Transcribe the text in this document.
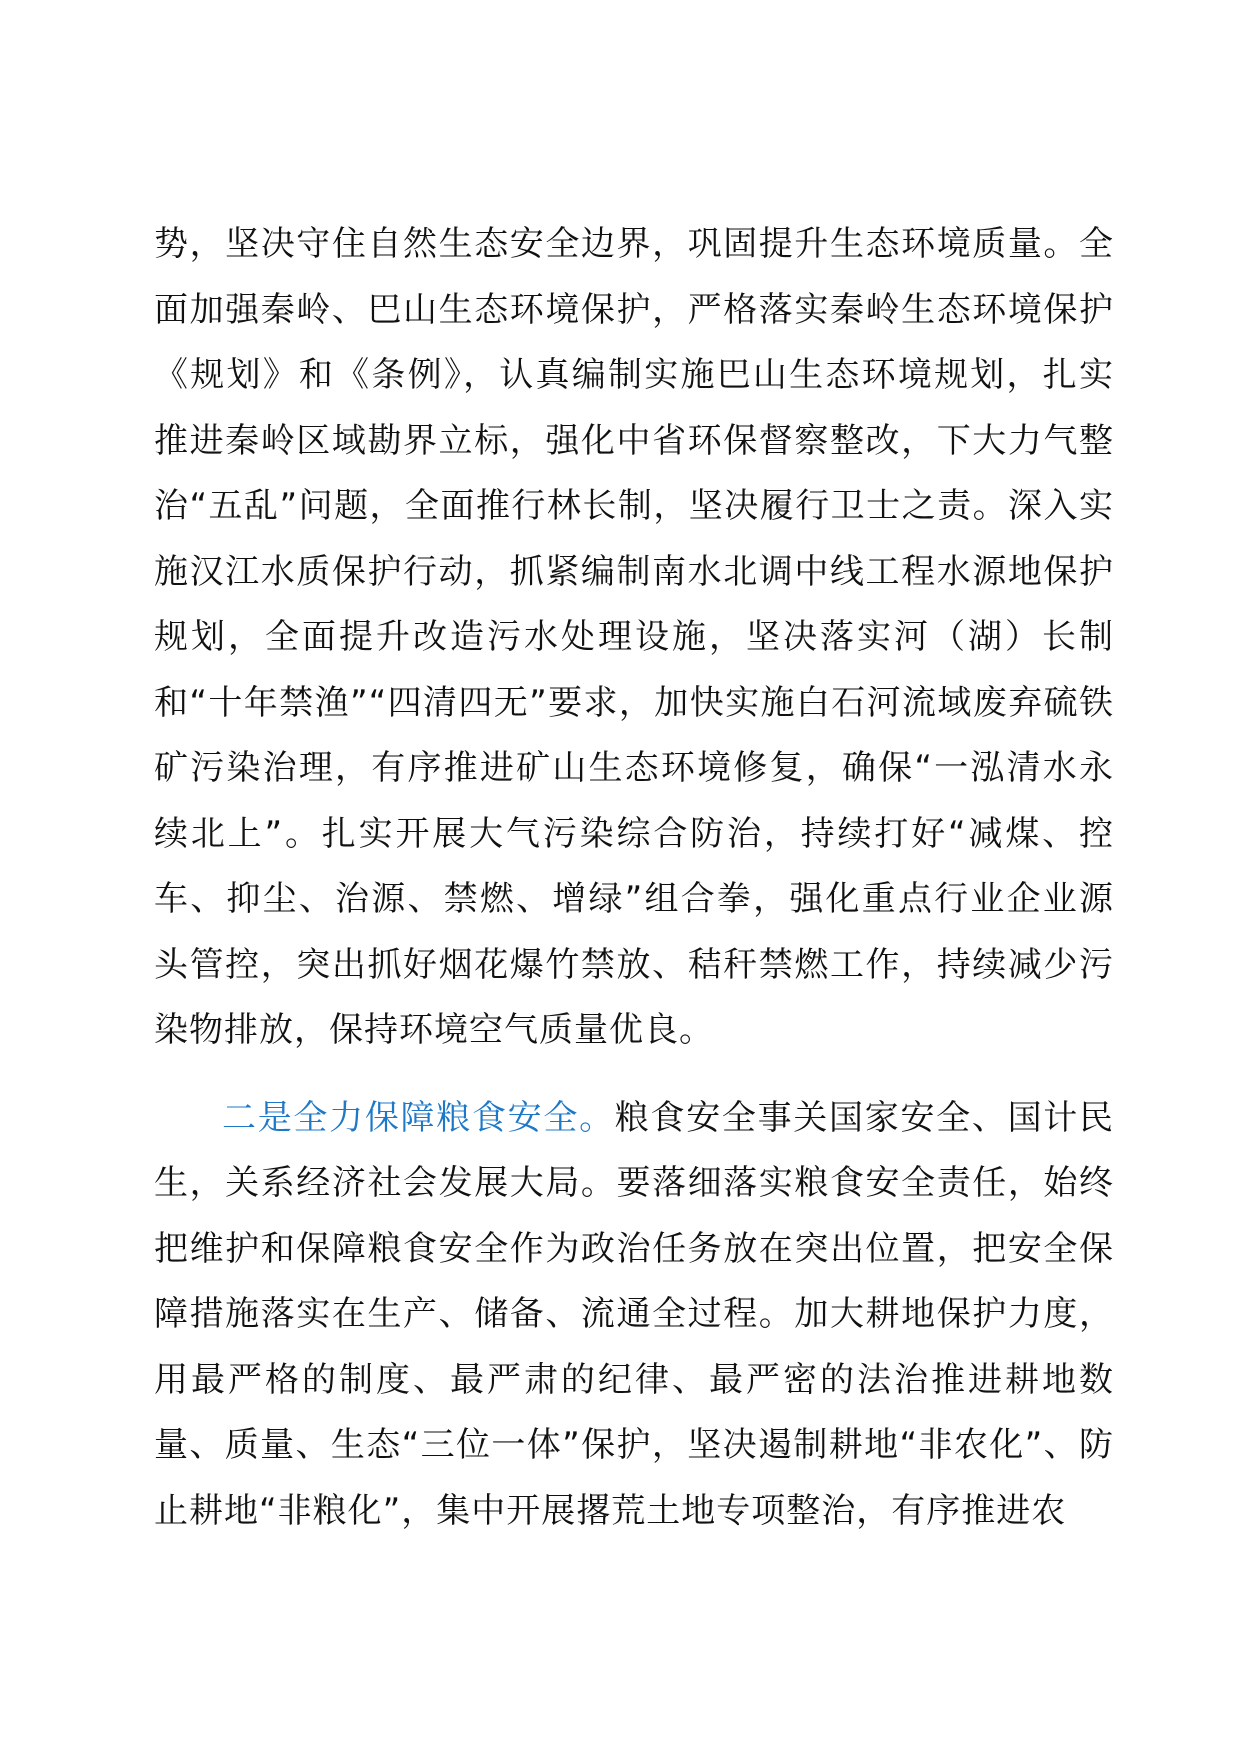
势，坚决守住自然生态安全边界，巩固提升生态环境质量。全面加强秦岭、巴山生态环境保护，严格落实秦岭生态环境保护《规划》和《条例》，认真编制实施巴山生态环境规划，扎实推进秦岭区域勘界立标，强化中省环保督察整改，下大力气整治“五乱”问题，全面推行林长制，坚决履行卫士之责。深入实施汉江水质保护行动，抓紧编制南水北调中线工程水源地保护规划，全面提升改造污水处理设施，坚决落实河（湖）长制和“十年禁渔”“四清四无”要求，加快实施白石河流域废弃硫铁矿污染治理，有序推进矿山生态环境修复，确保“一泓清水永续北上”。扎实开展大气污染综合防治，持续打好“减煤、控车、抑尘、治源、禁燃、增绿”组合拳，强化重点行业企业源头管控，突出抓好烟花爆竹禁放、秸秆禁燃工作，持续减少污染物排放，保持环境空气质量优良。

二是全力保障粮食安全。粮食安全事关国家安全、国计民生，关系经济社会发展大局。要落细落实粮食安全责任，始终把维护和保障粮食安全作为政治任务放在突出位置，把安全保障措施落实在生产、储备、流通全过程。加大耕地保护力度，用最严格的制度、最严肃的纪律、最严密的法治推进耕地数量、质量、生态“三位一体”保护，坚决遏制耕地“非农化”、防止耕地“非粮化”，集中开展撂荒土地专项整治，有序推进农
